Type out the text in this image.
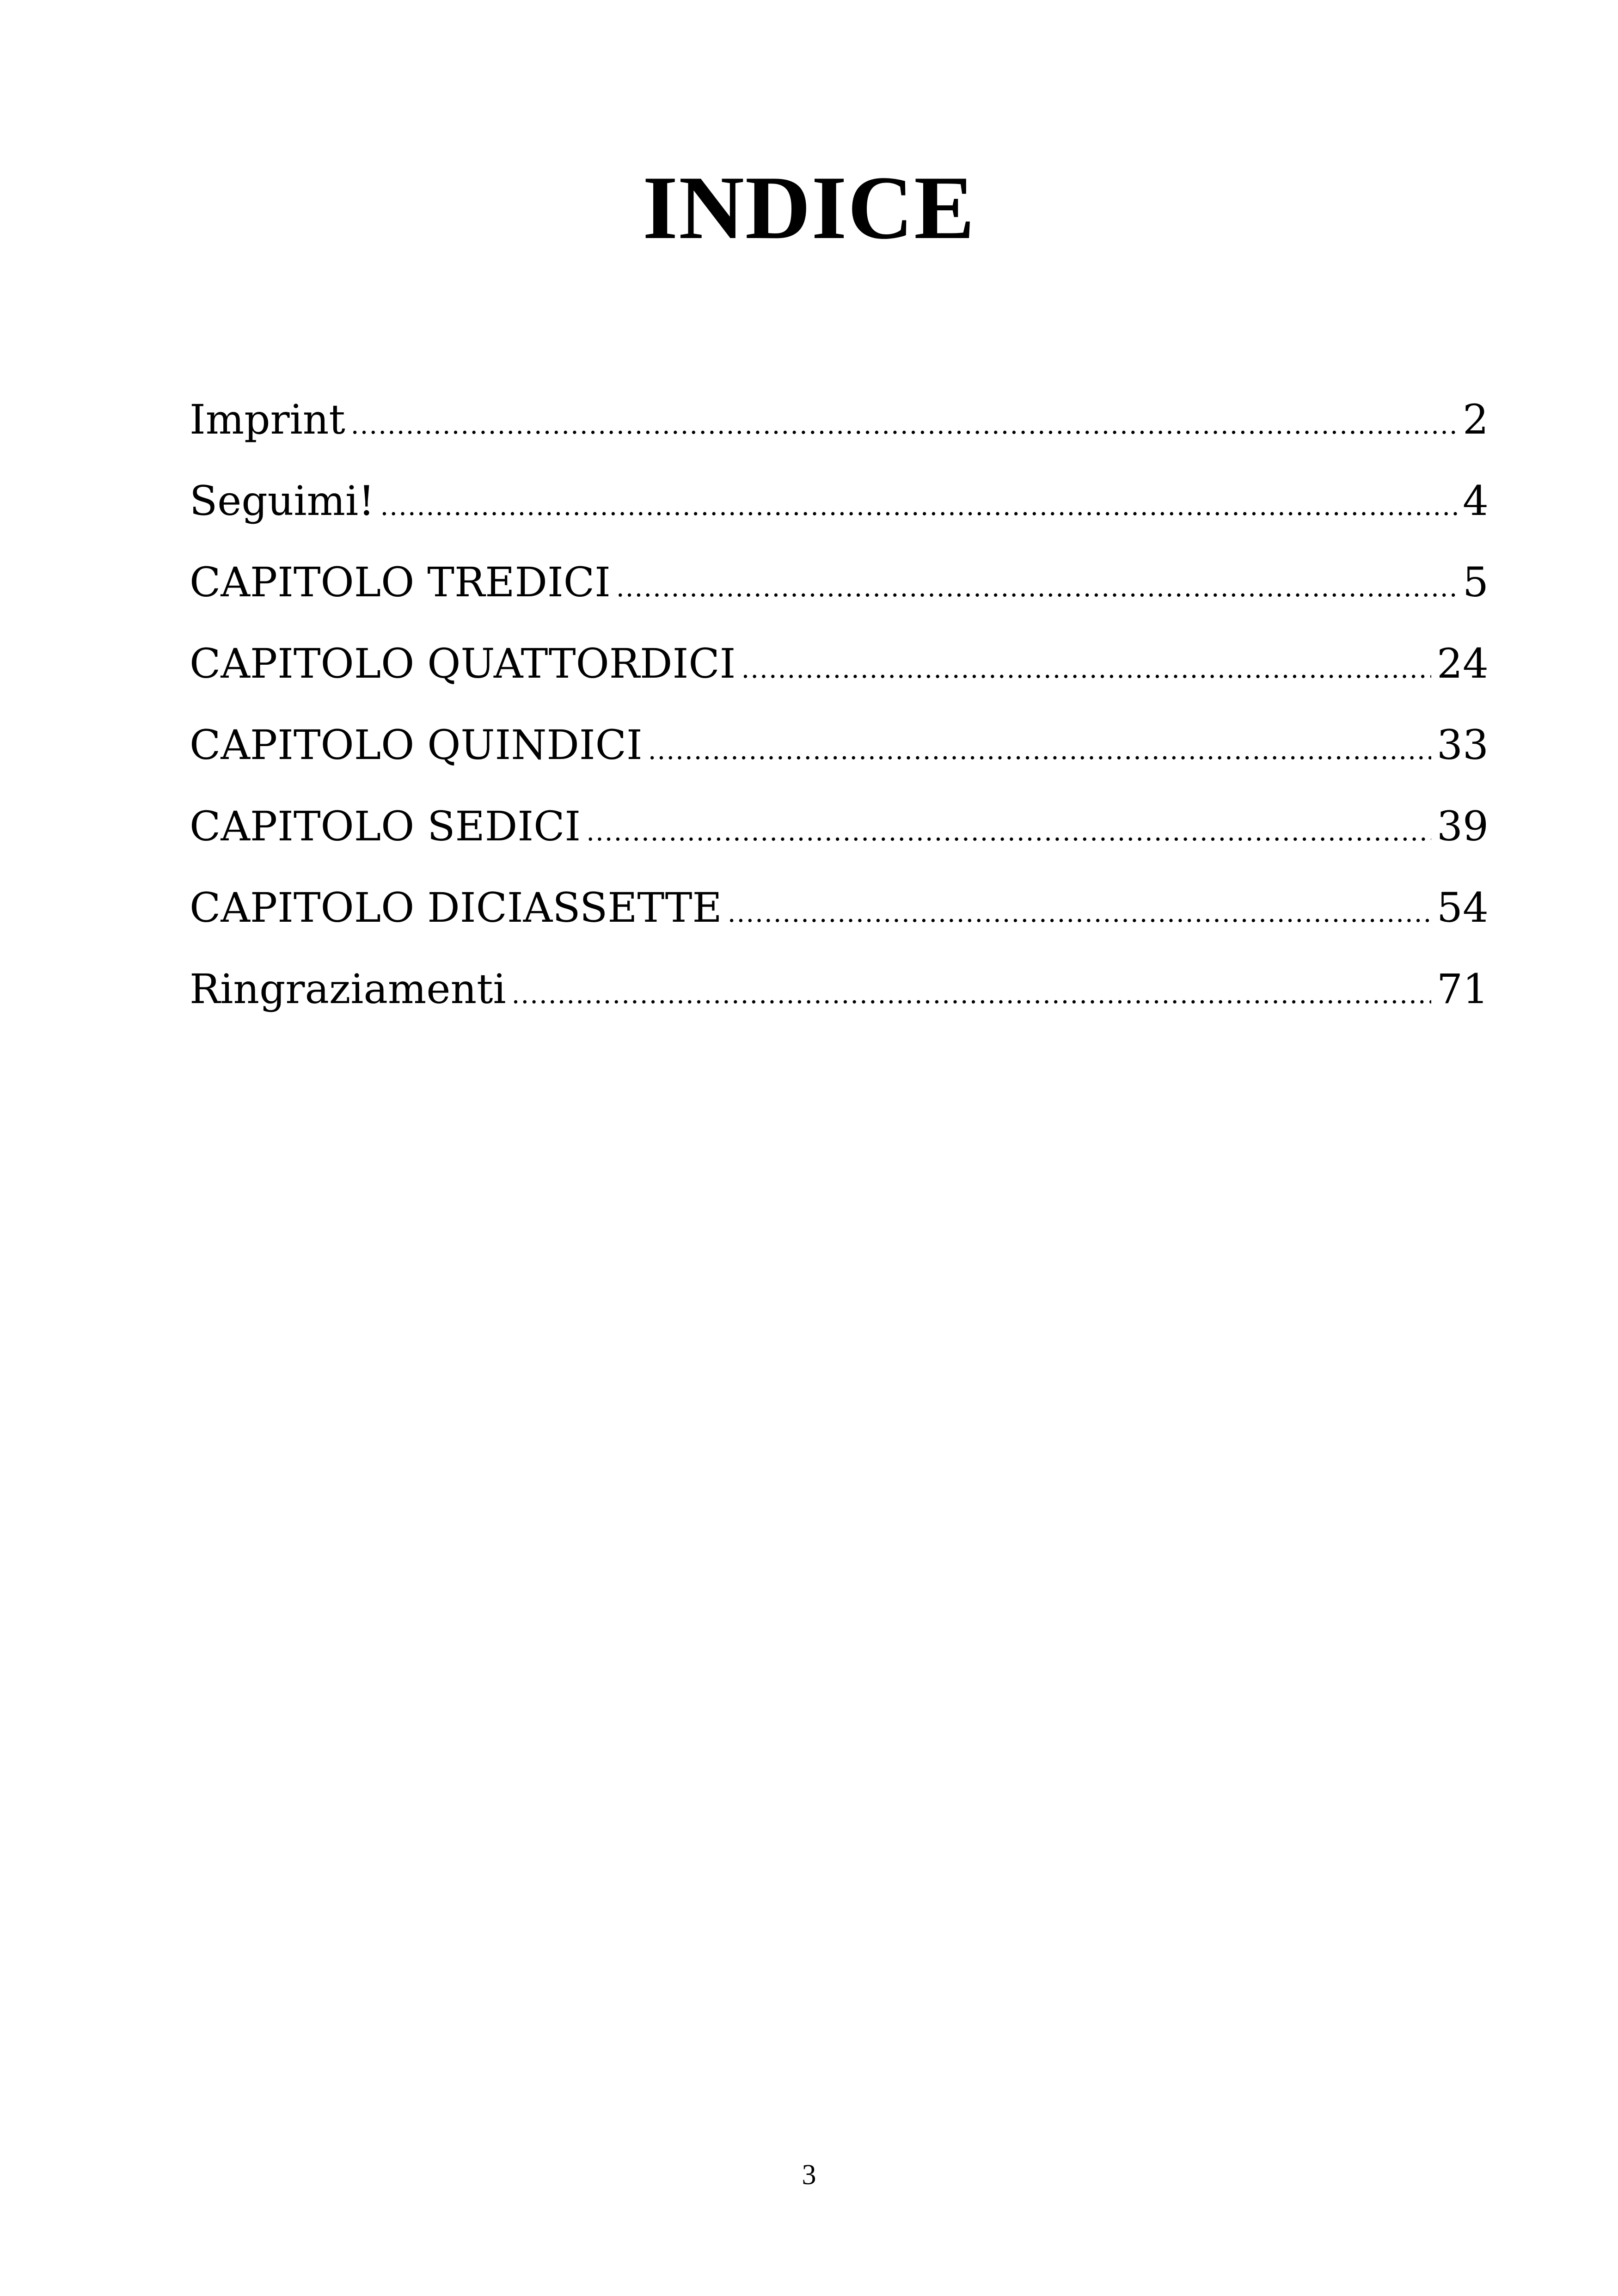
INDICE
Imprint .....	2
Seguimi! .....	4
CAPITOLO TREDICI .....	5
CAPITOLO QUATTORDICI .....	24
CAPITOLO QUINDICI .....	33
CAPITOLO SEDICI .....	39
CAPITOLO DICIASSETTE .....	54
Ringraziamenti .....	71
3
